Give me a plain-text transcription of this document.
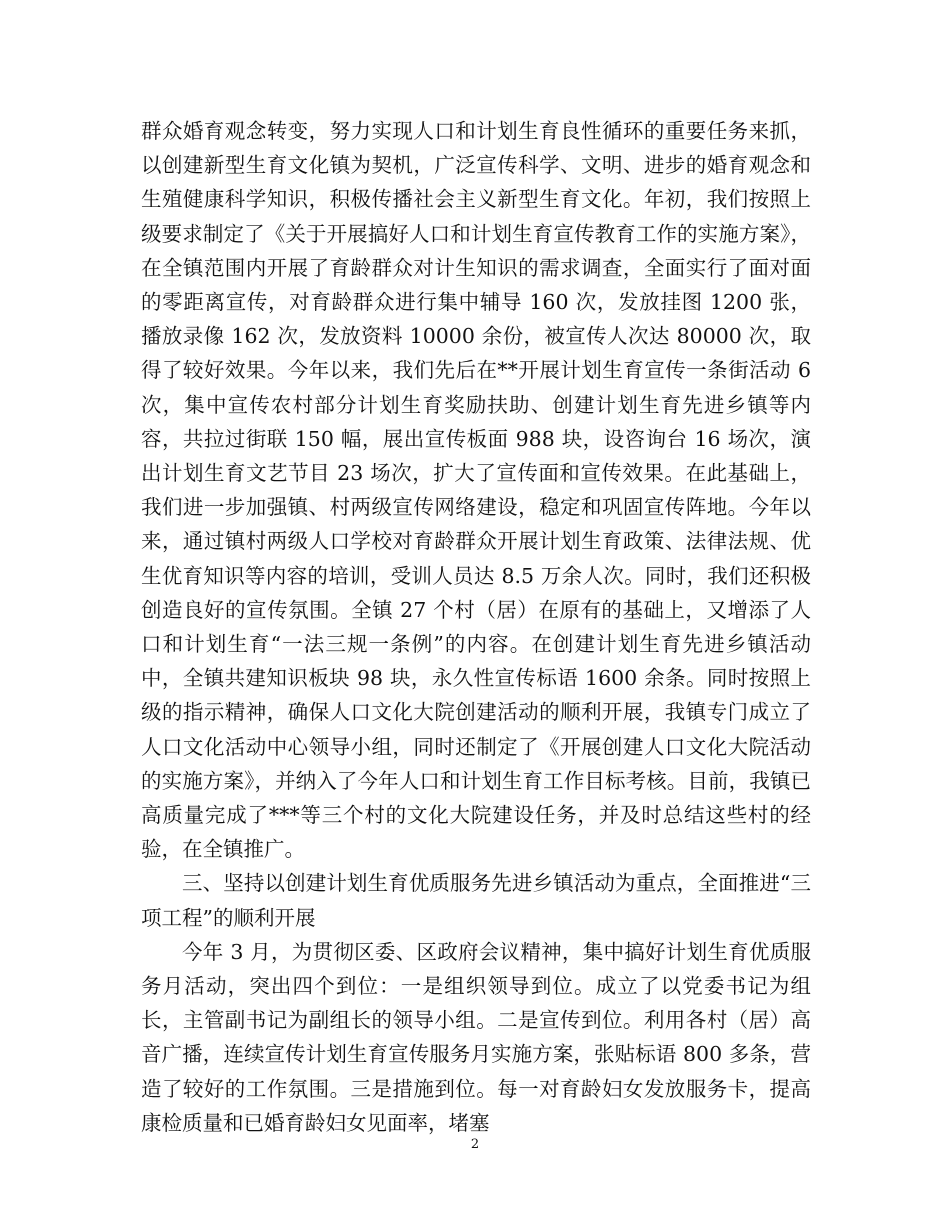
群众婚育观念转变，努力实现人口和计划生育良性循环的重要任务来抓，以创建新型生育文化镇为契机，广泛宣传科学、文明、进步的婚育观念和生殖健康科学知识，积极传播社会主义新型生育文化。年初，我们按照上级要求制定了《关于开展搞好人口和计划生育宣传教育工作的实施方案》，在全镇范围内开展了育龄群众对计生知识的需求调查，全面实行了面对面的零距离宣传，对育龄群众进行集中辅导 160 次，发放挂图 1200 张，播放录像 162 次，发放资料 10000 余份，被宣传人次达 80000 次，取得了较好效果。今年以来，我们先后在**开展计划生育宣传一条街活动 6 次，集中宣传农村部分计划生育奖励扶助、创建计划生育先进乡镇等内容，共拉过街联 150 幅，展出宣传板面 988 块，设咨询台 16 场次，演出计划生育文艺节目 23 场次，扩大了宣传面和宣传效果。在此基础上，我们进一步加强镇、村两级宣传网络建设，稳定和巩固宣传阵地。今年以来，通过镇村两级人口学校对育龄群众开展计划生育政策、法律法规、优生优育知识等内容的培训，受训人员达 8.5 万余人次。同时，我们还积极创造良好的宣传氛围。全镇 27 个村（居）在原有的基础上，又增添了人口和计划生育“一法三规一条例”的内容。在创建计划生育先进乡镇活动中，全镇共建知识板块 98 块，永久性宣传标语 1600 余条。同时按照上级的指示精神，确保人口文化大院创建活动的顺利开展，我镇专门成立了人口文化活动中心领导小组，同时还制定了《开展创建人口文化大院活动的实施方案》，并纳入了今年人口和计划生育工作目标考核。目前，我镇已高质量完成了***等三个村的文化大院建设任务，并及时总结这些村的经验，在全镇推广。

三、坚持以创建计划生育优质服务先进乡镇活动为重点，全面推进“三项工程”的顺利开展

今年 3 月，为贯彻区委、区政府会议精神，集中搞好计划生育优质服务月活动，突出四个到位：一是组织领导到位。成立了以党委书记为组长，主管副书记为副组长的领导小组。二是宣传到位。利用各村（居）高音广播，连续宣传计划生育宣传服务月实施方案，张贴标语 800 多条，营造了较好的工作氛围。三是措施到位。每一对育龄妇女发放服务卡，提高康检质量和已婚育龄妇女见面率，堵塞

2
